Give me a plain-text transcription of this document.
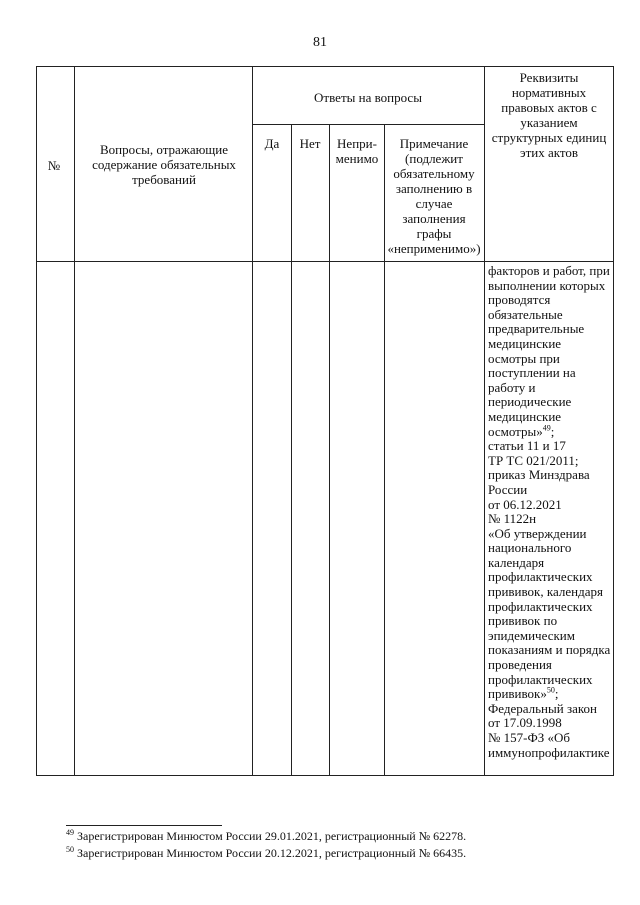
81
№
Вопросы, отражающие содержание обязательных требований
Ответы на вопросы
Да	Нет	Непри-менимо
Примечание (подлежит обязательному заполнению в случае заполнения графы «неприменимо»)
Реквизиты нормативных правовых актов с указанием структурных единиц этих актов
факторов и работ, при
выполнении которых
проводятся
обязательные
предварительные
медицинские
осмотры при
поступлении на
работу и
периодические
медицинские
осмотры»$^{49}$;
статьи 11 и 17
ТР ТС 021/2011;
приказ Минздрава
России
от 06.12.2021
№ 1122н
«Об утверждении
национального
календаря
профилактических
прививок, календаря
профилактических
прививок по
эпидемическим
показаниям и порядка
проведения
профилактических
прививок»$^{50}$;
Федеральный закон
от 17.09.1998
№ 157-ФЗ «Об
иммунопрофилактике
$^{49}$ Зарегистрирован Минюстом России 29.01.2021, регистрационный № 62278.
$^{50}$ Зарегистрирован Минюстом России 20.12.2021, регистрационный № 66435.
